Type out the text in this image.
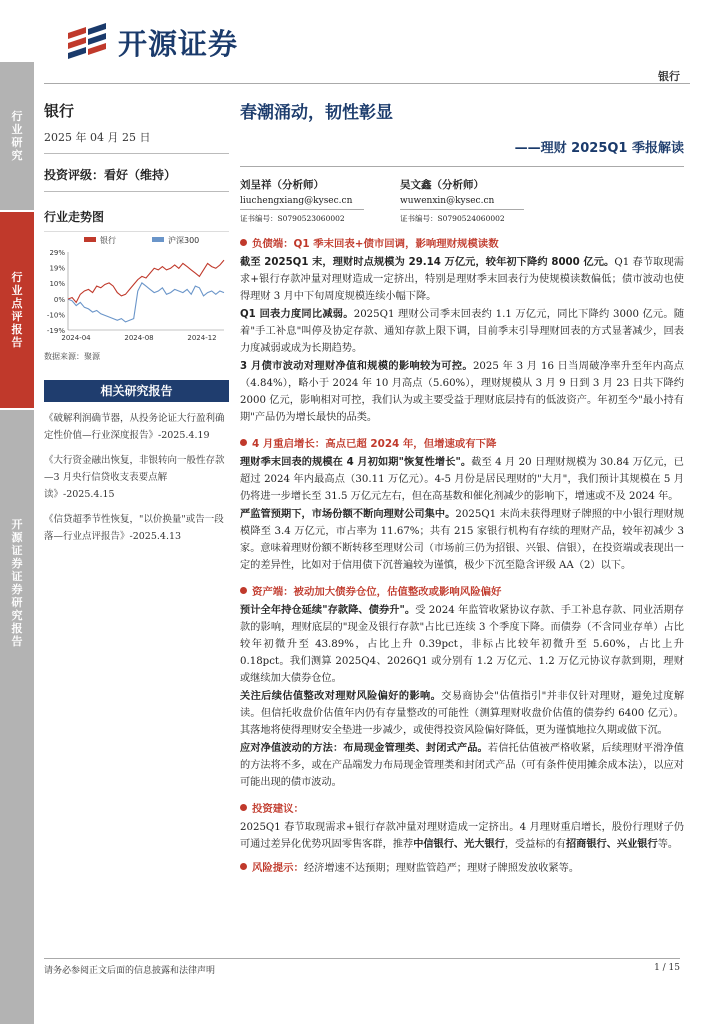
行业研究
行业点评报告
开源证券 证券研究报告
开源证券
银行
银行
2025 年 04 月 25 日
投资评级：看好（维持）
行业走势图
银行	沪深300
29%
19%
10%
0%
-10%
-19%
2024-04	2024-08	2024-12
数据来源：聚源
相关研究报告
《破解利润确节器，从投务论证大行盈利确定性价值—行业深度报告》-2025.4.19
《大行资金融出恢复，非银转向一般性存款—3 月央行信贷收支表要点解读》-2025.4.15
《信贷超季节性恢复，"以价换量"或告一段落—行业点评报告》-2025.4.13
春潮涌动，韧性彰显
——理财 2025Q1 季报解读
刘呈祥（分析师）
liuchengxiang@kysec.cn
证书编号：S0790523060002
吴文鑫（分析师）
wuwenxin@kysec.cn
证书编号：S0790524060002
负债端：Q1 季末回表+债市回调，影响理财规模读数
截至 2025Q1 末，理财时点规模为 29.14 万亿元，较年初下降约 8000 亿元。Q1 春节取现需求+银行存款冲量对理财造成一定挤出，特别是理财季末回表行为使规模读数偏低；债市波动也使得理财 3 月中下旬周度规模连续小幅下降。
Q1 回表力度同比减弱。2025Q1 理财公司季末回表约 1.1 万亿元，同比下降约 3000 亿元。随着"手工补息"叫停及协定存款、通知存款上限下调，目前季末引导理财回表的方式显著减少，回表力度减弱或成为长期趋势。
3 月债市波动对理财净值和规模的影响较为可控。2025 年 3 月 16 日当周破净率升至年内高点（4.84%），略小于 2024 年 10 月高点（5.60%），理财规模从 3 月 9 日到 3 月 23 日共下降约 2000 亿元，影响相对可控，我们认为或主要受益于理财底层持有的低波资产。年初至今"最小持有期"产品仍为增长最快的品类。
4 月重启增长：高点已超 2024 年，但增速或有下降
理财季末回表的规模在 4 月初如期"恢复性增长"。截至 4 月 20 日理财规模为 30.84 万亿元，已超过 2024 年内最高点（30.11 万亿元）。4-5 月份是居民理财的"大月"，我们预计其规模在 5 月仍将进一步增长至 31.5 万亿元左右，但在高基数和催化剂减少的影响下，增速或不及 2024 年。
严监管预期下，市场份额不断向理财公司集中。2025Q1 末尚未获得理财子牌照的中小银行理财规模降至 3.4 万亿元，市占率为 11.67%；共有 215 家银行机构有存续的理财产品，较年初减少 3 家。意味着理财份额不断转移至理财公司（市场前三仍为招银、兴银、信银），在投资端或表现出一定的差异性，比如对于信用债下沉普遍较为谨慎，极少下沉至隐含评级 AA（2）以下。
资产端：被动加大债券仓位，估值整改或影响风险偏好
预计全年持仓延续"存款降、债券升"。受 2024 年监管收紧协议存款、手工补息存款、同业活期存款的影响，理财底层的"现金及银行存款"占比已连续 3 个季度下降。而债券（不含同业存单）占比较年初微升至 43.89%，占比上升 0.39pct，非标占比较年初微升至 5.60%，占比上升 0.18pct。我们测算 2025Q4、2026Q1 或分别有 1.2 万亿元、1.2 万亿元协议存款到期，理财或继续加大债券仓位。
关注后续估值整改对理财风险偏好的影响。交易商协会"估值指引"并非仅针对理财，避免过度解读。但信托收盘价估值年内仍有存量整改的可能性（测算理财收盘价估值的债券约 6400 亿元）。其落地将使得理财安全垫进一步减少，或使得投资风险偏好降低，更为谨慎地拉久期或做下沉。
应对净值波动的方法：布局现金管理类、封闭式产品。若信托估值被严格收紧，后续理财平滑净值的方法将不多，或在产品端发力布局现金管理类和封闭式产品（可有条件使用摊余成本法），以应对可能出现的债市波动。
投资建议：
2025Q1 春节取现需求+银行存款冲量对理财造成一定挤出。4 月理财重启增长，股份行理财子仍可通过差异化优势巩固零售客群，推荐中信银行、光大银行，受益标的有招商银行、兴业银行等。
风险提示：经济增速不达预期；理财监管趋严；理财子牌照发放收紧等。
请务必参阅正文后面的信息披露和法律声明	1 / 15
